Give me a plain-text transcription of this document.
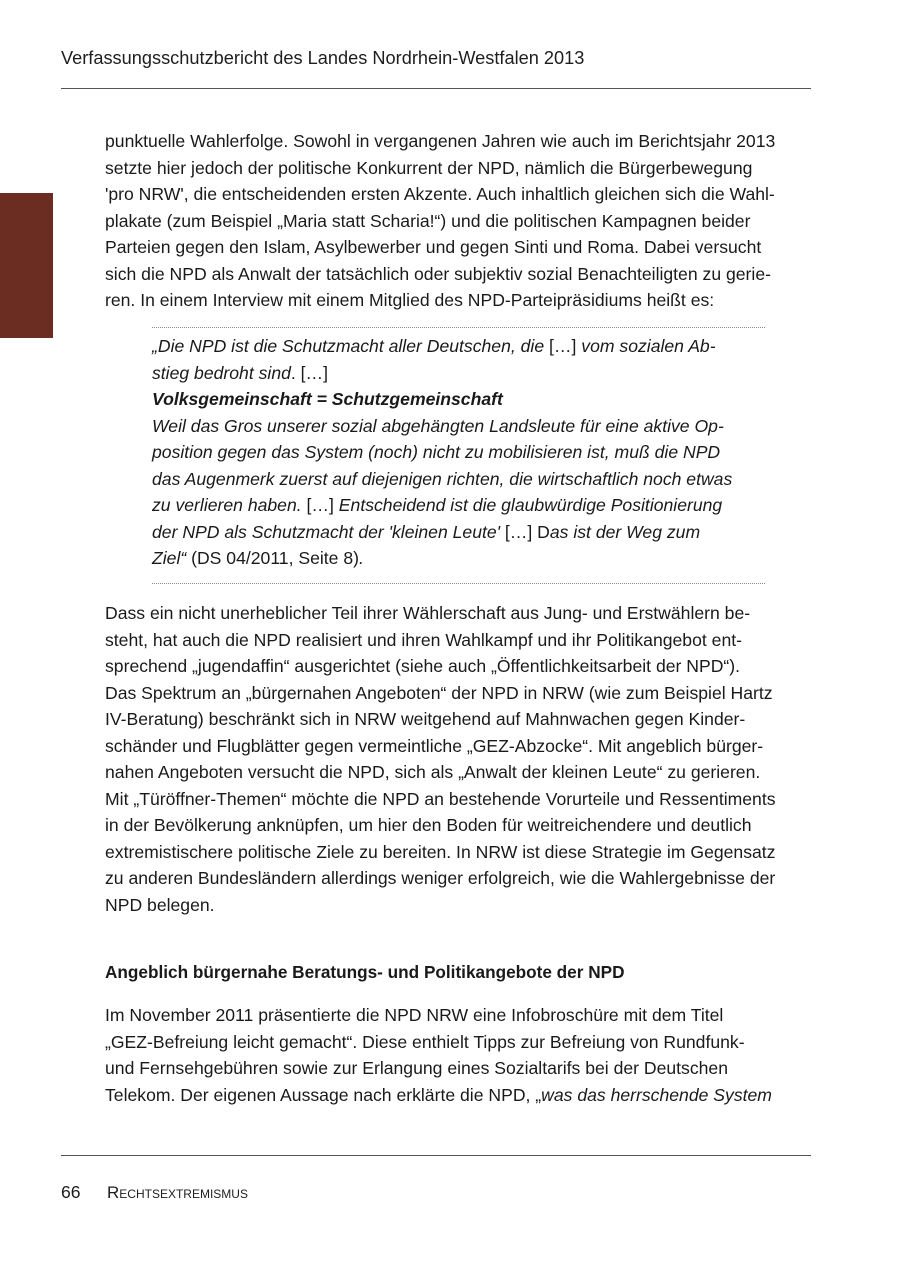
Verfassungsschutzbericht des Landes Nordrhein-Westfalen 2013
punktuelle Wahlerfolge. Sowohl in vergangenen Jahren wie auch im Berichtsjahr 2013
setzte hier jedoch der politische Konkurrent der NPD, nämlich die Bürgerbewegung
'pro NRW', die entscheidenden ersten Akzente. Auch inhaltlich gleichen sich die Wahl-
plakate (zum Beispiel „Maria statt Scharia!“) und die politischen Kampagnen beider
Parteien gegen den Islam, Asylbewerber und gegen Sinti und Roma. Dabei versucht
sich die NPD als Anwalt der tatsächlich oder subjektiv sozial Benachteiligten zu gerie-
ren. In einem Interview mit einem Mitglied des NPD-Parteipräsidiums heißt es:
„Die NPD ist die Schutzmacht aller Deutschen, die […] vom sozialen Ab-
stieg bedroht sind. […]
Volksgemeinschaft = Schutzgemeinschaft
Weil das Gros unserer sozial abgehängten Landsleute für eine aktive Op-
position gegen das System (noch) nicht zu mobilisieren ist, muß die NPD
das Augenmerk zuerst auf diejenigen richten, die wirtschaftlich noch etwas
zu verlieren haben. […] Entscheidend ist die glaubwürdige Positionierung
der NPD als Schutzmacht der 'kleinen Leute' […] Das ist der Weg zum
Ziel“ (DS 04/2011, Seite 8).
Dass ein nicht unerheblicher Teil ihrer Wählerschaft aus Jung- und Erstwählern be-
steht, hat auch die NPD realisiert und ihren Wahlkampf und ihr Politikangebot ent-
sprechend „jugendaffin“ ausgerichtet (siehe auch „Öffentlichkeitsarbeit der NPD“).
Das Spektrum an „bürgernahen Angeboten“ der NPD in NRW (wie zum Beispiel Hartz
IV-Beratung) beschränkt sich in NRW weitgehend auf Mahnwachen gegen Kinder-
schänder und Flugblätter gegen vermeintliche „GEZ-Abzocke“. Mit angeblich bürger-
nahen Angeboten versucht die NPD, sich als „Anwalt der kleinen Leute“ zu gerieren.
Mit „Türöffner-Themen“ möchte die NPD an bestehende Vorurteile und Ressentiments
in der Bevölkerung anknüpfen, um hier den Boden für weitreichendere und deutlich
extremistischere politische Ziele zu bereiten. In NRW ist diese Strategie im Gegensatz
zu anderen Bundesländern allerdings weniger erfolgreich, wie die Wahlergebnisse der
NPD belegen.
Angeblich bürgernahe Beratungs- und Politikangebote der NPD
Im November 2011 präsentierte die NPD NRW eine Infobroschüre mit dem Titel
„GEZ-Befreiung leicht gemacht“. Diese enthielt Tipps zur Befreiung von Rundfunk-
und Fernsehgebühren sowie zur Erlangung eines Sozialtarifs bei der Deutschen
Telekom. Der eigenen Aussage nach erklärte die NPD, „was das herrschende System
66 Rechtsextremismus
